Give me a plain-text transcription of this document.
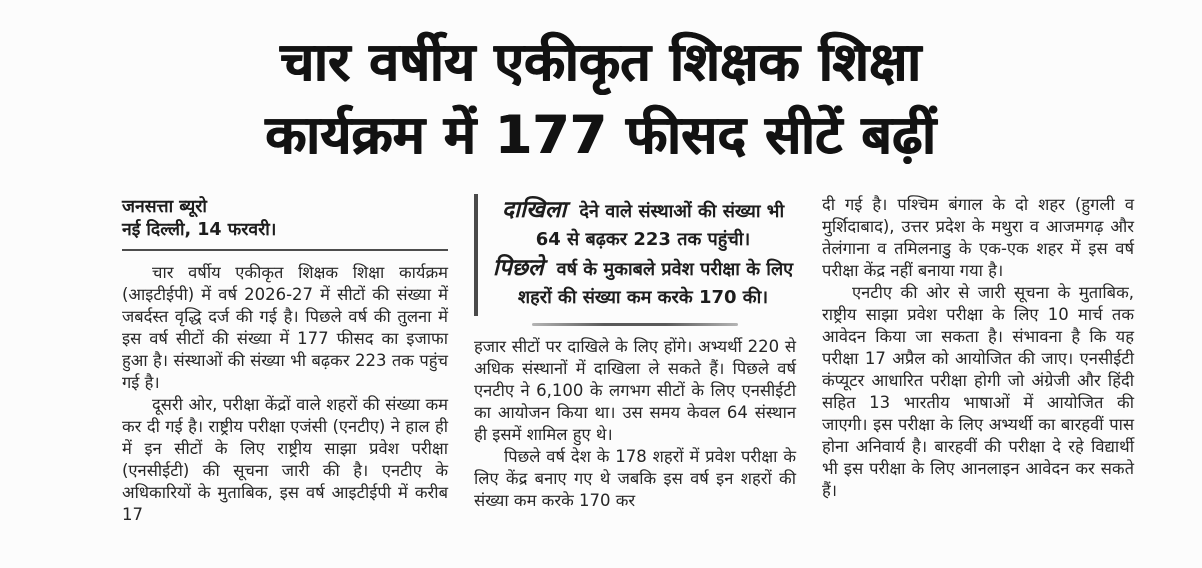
चार वर्षीय एकीकृत शिक्षक शिक्षा
कार्यक्रम में 177 फीसद सीटें बढ़ीं
जनसत्ता ब्यूरो
नई दिल्ली, 14 फरवरी।

चार वर्षीय एकीकृत शिक्षक शिक्षा कार्यक्रम (आइटीईपी) में वर्ष 2026-27 में सीटों की संख्या में जबर्दस्त वृद्धि दर्ज की गई है। पिछले वर्ष की तुलना में इस वर्ष सीटों की संख्या में 177 फीसद का इजाफा हुआ है। संस्थाओं की संख्या भी बढ़कर 223 तक पहुंच गई है।

दूसरी ओर, परीक्षा केंद्रों वाले शहरों की संख्या कम कर दी गई है। राष्ट्रीय परीक्षा एजंसी (एनटीए) ने हाल ही में इन सीटों के लिए राष्ट्रीय साझा प्रवेश परीक्षा (एनसीईटी) की सूचना जारी की है। एनटीए के अधिकारियों के मुताबिक, इस वर्ष आइटीईपी में करीब 17

दाखिला देने वाले संस्थाओं की संख्या भी 64 से बढ़कर 223 तक पहुंची।

पिछले वर्ष के मुकाबले प्रवेश परीक्षा के लिए शहरों की संख्या कम करके 170 की।

हजार सीटों पर दाखिले के लिए होंगे। अभ्यर्थी 220 से अधिक संस्थानों में दाखिला ले सकते हैं। पिछले वर्ष एनटीए ने 6,100 के लगभग सीटों के लिए एनसीईटी का आयोजन किया था। उस समय केवल 64 संस्थान ही इसमें शामिल हुए थे।

पिछले वर्ष देश के 178 शहरों में प्रवेश परीक्षा के लिए केंद्र बनाए गए थे जबकि इस वर्ष इन शहरों की संख्या कम करके 170 कर

दी गई है। पश्चिम बंगाल के दो शहर (हुगली व मुर्शिदाबाद), उत्तर प्रदेश के मथुरा व आजमगढ़ और तेलंगाना व तमिलनाडु के एक-एक शहर में इस वर्ष परीक्षा केंद्र नहीं बनाया गया है।

एनटीए की ओर से जारी सूचना के मुताबिक, राष्ट्रीय साझा प्रवेश परीक्षा के लिए 10 मार्च तक आवेदन किया जा सकता है। संभावना है कि यह परीक्षा 17 अप्रैल को आयोजित की जाए। एनसीईटी कंप्यूटर आधारित परीक्षा होगी जो अंग्रेजी और हिंदी सहित 13 भारतीय भाषाओं में आयोजित की जाएगी। इस परीक्षा के लिए अभ्यर्थी का बारहवीं पास होना अनिवार्य है। बारहवीं की परीक्षा दे रहे विद्यार्थी भी इस परीक्षा के लिए आनलाइन आवेदन कर सकते हैं।
